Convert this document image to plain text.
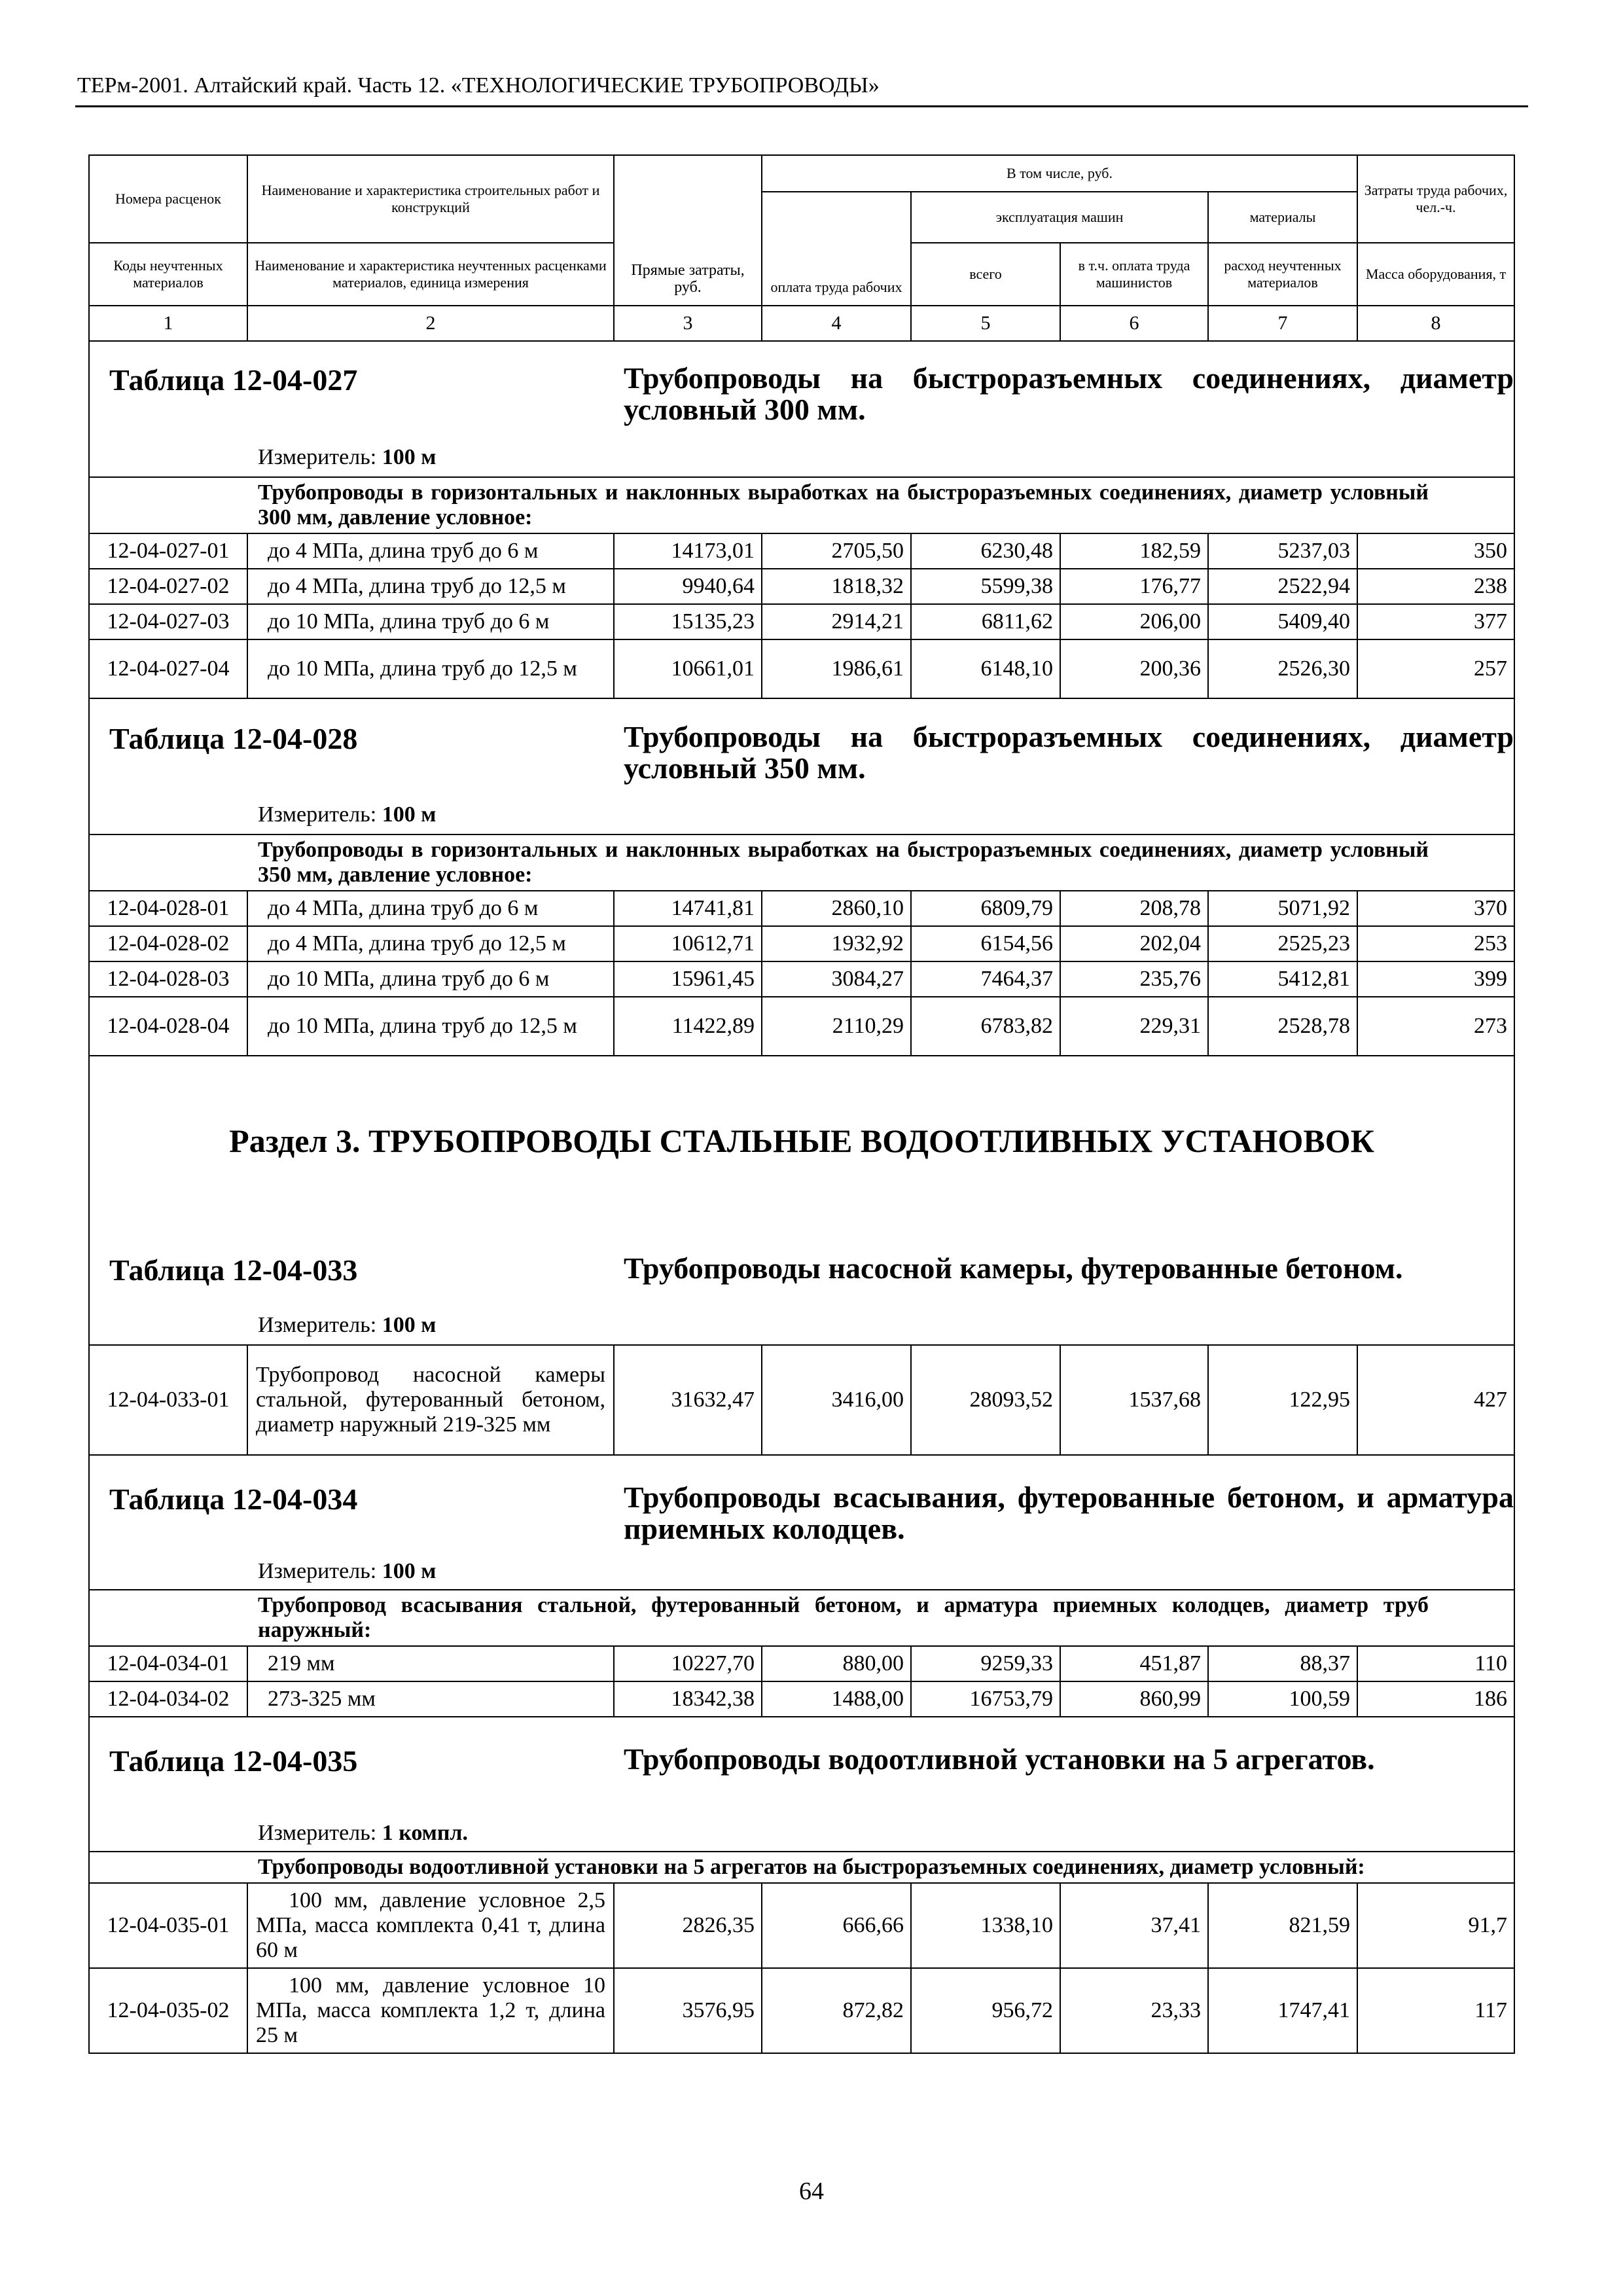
ТЕРм-2001. Алтайский край. Часть 12. «ТЕХНОЛОГИЧЕСКИЕ ТРУБОПРОВОДЫ»
Номера расценок	Наименование и характеристика строительных работ и конструкций	Прямые затраты, руб.	В том числе, руб.				Затраты труда рабочих, чел.-ч.
			оплата труда рабочих	эксплуатация машин		материалы	
Коды неучтенных материалов	Наименование и характеристика неучтенных расценками материалов, единица измерения			всего	в т.ч. оплата труда машинистов	расход неучтенных материалов	Масса оборудования, т
1	2	3	4	5	6	7	8

Таблица 12-04-027 Трубопроводы на быстроразъемных соединениях, диаметр условный 300 мм.
Измеритель: 100 м							

Трубопроводы в горизонтальных и наклонных выработках на быстроразъемных соединениях, диаметр условный 300 мм, давление условное:							
12-04-027-01	до 4 МПа, длина труб до 6 м	14173,01	2705,50	6230,48	182,59	5237,03	350
12-04-027-02	до 4 МПа, длина труб до 12,5 м	9940,64	1818,32	5599,38	176,77	2522,94	238
12-04-027-03	до 10 МПа, длина труб до 6 м	15135,23	2914,21	6811,62	206,00	5409,40	377
12-04-027-04	до 10 МПа, длина труб до 12,5 м	10661,01	1986,61	6148,10	200,36	2526,30	257

Таблица 12-04-028 Трубопроводы на быстроразъемных соединениях, диаметр условный 350 мм.
Измеритель: 100 м							

Трубопроводы в горизонтальных и наклонных выработках на быстроразъемных соединениях, диаметр условный 350 мм, давление условное:							
12-04-028-01	до 4 МПа, длина труб до 6 м	14741,81	2860,10	6809,79	208,78	5071,92	370
12-04-028-02	до 4 МПа, длина труб до 12,5 м	10612,71	1932,92	6154,56	202,04	2525,23	253
12-04-028-03	до 10 МПа, длина труб до 6 м	15961,45	3084,27	7464,37	235,76	5412,81	399
12-04-028-04	до 10 МПа, длина труб до 12,5 м	11422,89	2110,29	6783,82	229,31	2528,78	273

Раздел 3. ТРУБОПРОВОДЫ СТАЛЬНЫЕ ВОДООТЛИВНЫХ УСТАНОВОК
Таблица 12-04-033 Трубопроводы насосной камеры, футерованные бетоном.
Измеритель: 100 м							

12-04-033-01	Трубопровод насосной камеры стальной, футерованный бетоном, диаметр наружный 219-325 мм	31632,47	3416,00	28093,52	1537,68	122,95	427

Таблица 12-04-034 Трубопроводы всасывания, футерованные бетоном, и арматура приемных колодцев.
Измеритель: 100 м							

Трубопровод всасывания стальной, футерованный бетоном, и арматура приемных колодцев, диаметр труб наружный:							
12-04-034-01	219 мм	10227,70	880,00	9259,33	451,87	88,37	110
12-04-034-02	273-325 мм	18342,38	1488,00	16753,79	860,99	100,59	186

Таблица 12-04-035 Трубопроводы водоотливной установки на 5 агрегатов.
Измеритель: 1 компл.							

Трубопроводы водоотливной установки на 5 агрегатов на быстроразъемных соединениях, диаметр условный:							
12-04-035-01	100 мм, давление условное 2,5 МПа, масса комплекта 0,41 т, длина 60 м	2826,35	666,66	1338,10	37,41	821,59	91,7
12-04-035-02	100 мм, давление условное 10 МПа, масса комплекта 1,2 т, длина 25 м	3576,95	872,82	956,72	23,33	1747,41	117
64
